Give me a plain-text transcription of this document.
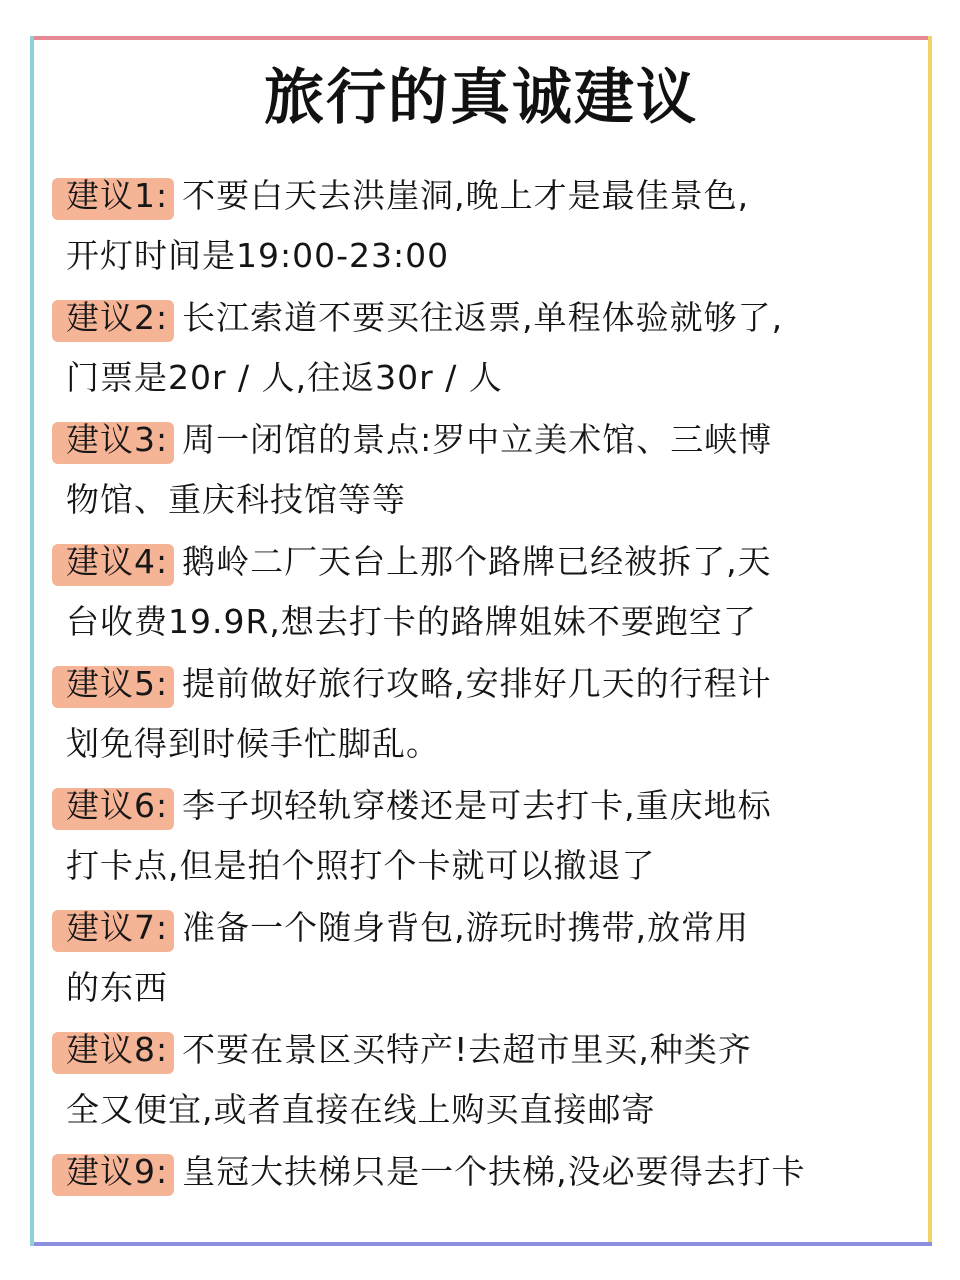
旅行的真诚建议
建议1: 不要白天去洪崖洞,晚上才是最佳景色,
开灯时间是19:00-23:00
建议2: 长江索道不要买往返票,单程体验就够了,
门票是20r / 人,往返30r / 人
建议3: 周一闭馆的景点:罗中立美术馆、三峡博
物馆、重庆科技馆等等
建议4: 鹅岭二厂天台上那个路牌已经被拆了,天
台收费19.9R,想去打卡的路牌姐妹不要跑空了
建议5: 提前做好旅行攻略,安排好几天的行程计
划免得到时候手忙脚乱。
建议6: 李子坝轻轨穿楼还是可去打卡,重庆地标
打卡点,但是拍个照打个卡就可以撤退了
建议7: 准备一个随身背包,游玩时携带,放常用
的东西
建议8: 不要在景区买特产!去超市里买,种类齐
全又便宜,或者直接在线上购买直接邮寄
建议9: 皇冠大扶梯只是一个扶梯,没必要得去打卡
